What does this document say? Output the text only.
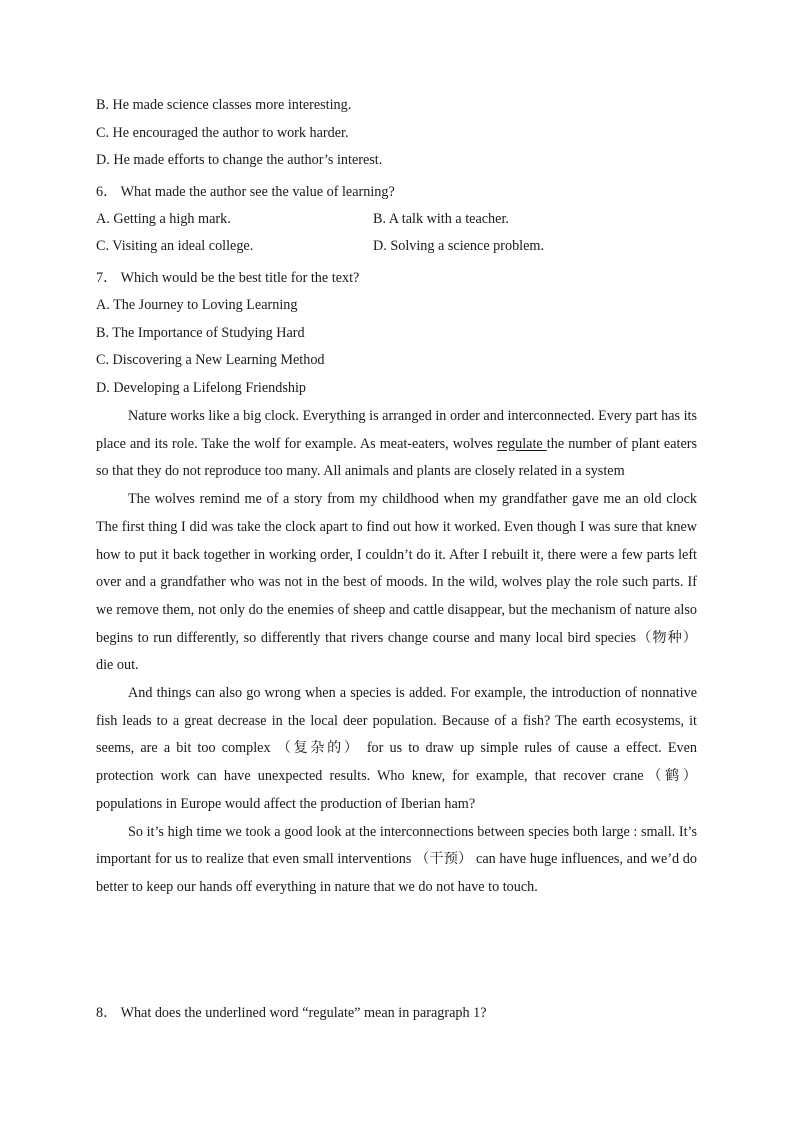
B. He made science classes more interesting.
C. He encouraged the author to work harder.
D. He made efforts to change the author’s interest.
6． What made the author see the value of learning?
A. Getting a high mark.	B. A talk with a teacher.
C. Visiting an ideal college.	D. Solving a science problem.
7． Which would be the best title for the text?
A. The Journey to Loving Learning
B. The Importance of Studying Hard
C. Discovering a New Learning Method
D. Developing a Lifelong Friendship

Nature works like a big clock. Everything is arranged in order and interconnected. Every part has its place and its role. Take the wolf for example. As meat-eaters, wolves regulate the number of plant eaters so that they do not reproduce too many. All animals and plants are closely related in a system

The wolves remind me of a story from my childhood when my grandfather gave me an old clock The first thing I did was take the clock apart to find out how it worked. Even though I was sure that knew how to put it back together in working order, I couldn’t do it. After I rebuilt it, there were a few parts left over and a grandfather who was not in the best of moods. In the wild, wolves play the role such parts. If we remove them, not only do the enemies of sheep and cattle disappear, but the mechanism of nature also begins to run differently, so differently that rivers change course and many local bird species（物种） die out.

And things can also go wrong when a species is added. For example, the introduction of nonnative fish leads to a great decrease in the local deer population. Because of a fish? The earth ecosystems, it seems, are a bit too complex （复杂的） for us to draw up simple rules of cause a effect. Even protection work can have unexpected results. Who knew, for example, that recover crane（鹤） populations in Europe would affect the production of Iberian ham?

So it’s high time we took a good look at the interconnections between species both large : small. It’s important for us to realize that even small interventions （干预） can have huge influences, and we’d do better to keep our hands off everything in nature that we do not have to touch.

8． What does the underlined word “regulate” mean in paragraph 1?
